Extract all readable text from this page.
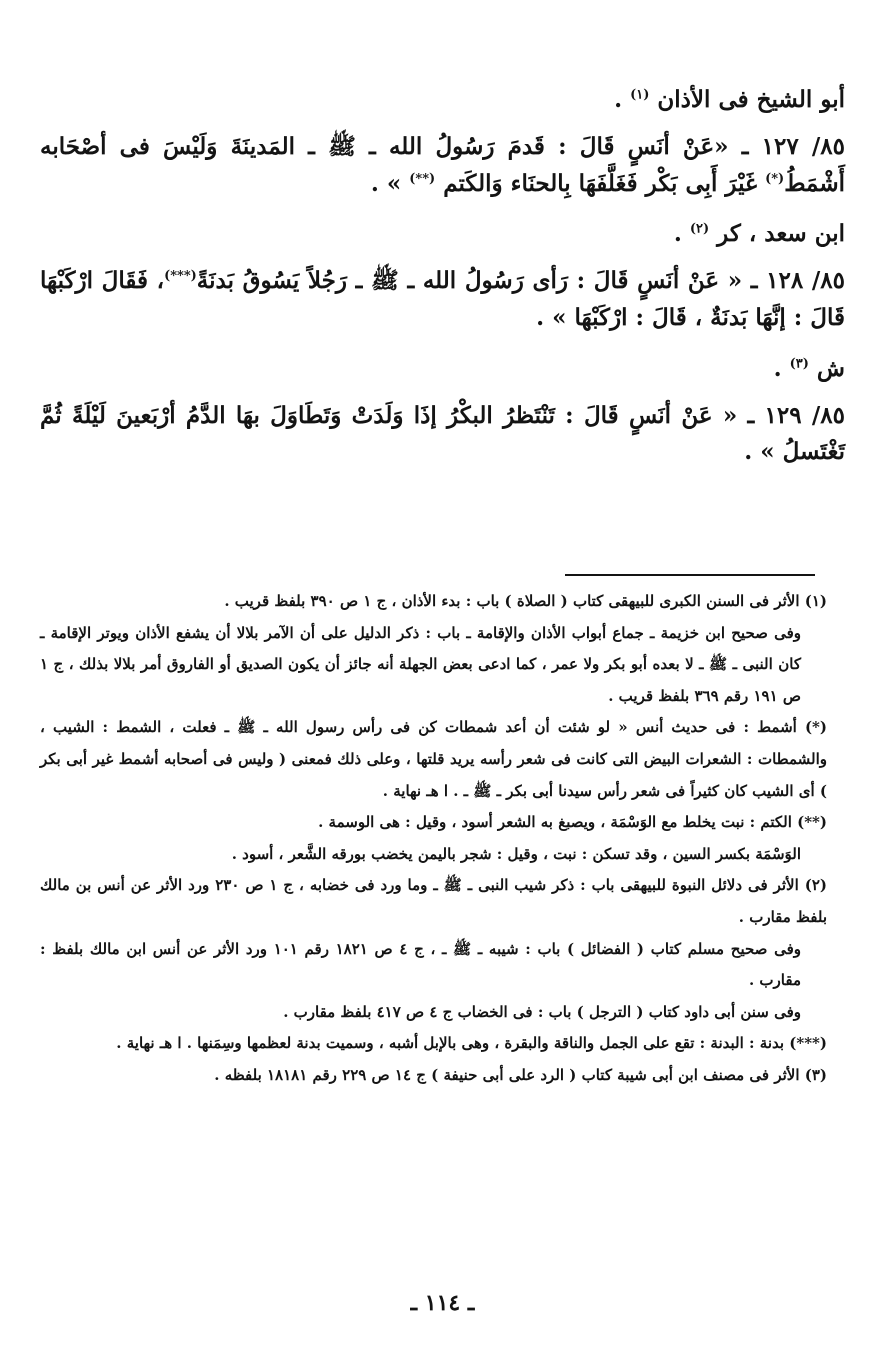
أبو الشيخ فى الأذان $^{(١)}$ .

٨٥/ ١٢٧ ـ «عَنْ أنَسٍ قَالَ : قَدمَ رَسُولُ الله ـ ﷺ ـ المَدينَةَ وَلَيْسَ فى أصْحَابه أَشْمَطُ(*) غَيْرَ أَبِى بَكْر فَغَلَّفَهَا بِالحنَاء وَالكَتم (**) » .

ابن سعد ، كر $^{(٢)}$ .

٨٥/ ١٢٨ ـ « عَنْ أنَسٍ قَالَ : رَأى رَسُولُ الله ـ ﷺ ـ رَجُلاً يَسُوقُ بَدنَةً(***)، فَقَالَ ارْكَبْهَا قَالَ : إنَّهَا بَدنَةٌ ، قَالَ : ارْكَبْهَا » .

ش $^{(٣)}$ .

٨٥/ ١٢٩ ـ « عَنْ أنَسٍ قَالَ : تَنْتَظرُ البكْرُ إذَا وَلَدَتْ وَتَطَاوَلَ بهَا الدَّمُ أرْبَعينَ لَيْلَةً ثُمَّ تَغْتَسلُ » .

(١) الأثر فى السنن الكبرى للبيهقى كتاب ( الصلاة ) باب : بدء الأذان ، ج ١ ص ٣٩٠ بلفظ قريب .

وفى صحيح ابن خزيمة ـ جماع أبواب الأذان والإقامة ـ باب : ذكر الدليل على أن الآمر بلالا أن يشفع الأذان ويوتر الإقامة ـ كان النبى ـ ﷺ ـ لا بعده أبو بكر ولا عمر ، كما ادعى بعض الجهلة أنه جائز أن يكون الصديق أو الفاروق أمر بلالا بذلك ، ج ١ ص ١٩١ رقم ٣٦٩ بلفظ قريب .

(*) أشمط : فى حديث أنس « لو شئت أن أعد شمطات كن فى رأس رسول الله ـ ﷺ ـ فعلت ، الشمط : الشيب ، والشمطات : الشعرات البيض التى كانت فى شعر رأسه يريد قلتها ، وعلى ذلك فمعنى ( وليس فى أصحابه أشمط غير أبى بكر ) أى الشيب كان كثيراً فى شعر رأس سيدنا أبى بكر ـ ﷺ ـ . ا هـ نهاية .

(**) الكتم : نبت يخلط مع الوَسْمَة ، ويصبغ به الشعر أسود ، وقيل : هى الوسمة .

الوَسْمَة بكسر السين ، وقد تسكن : نبت ، وقيل : شجر باليمن يخضب بورقه الشَّعر ، أسود .

(٢) الأثر فى دلائل النبوة للبيهقى باب : ذكر شيب النبى ـ ﷺ ـ وما ورد فى خضابه ، ج ١ ص ٢٣٠ ورد الأثر عن أنس بن مالك بلفظ مقارب .

وفى صحيح مسلم كتاب ( الفضائل ) باب : شيبه ـ ﷺ ـ ، ج ٤ ص ١٨٢١ رقم ١٠١ ورد الأثر عن أنس ابن مالك بلفظ : مقارب .

وفى سنن أبى داود كتاب ( الترجل ) باب : فى الخضاب ج ٤ ص ٤١٧ بلفظ مقارب .

(***) بدنة : البدنة : تقع على الجمل والناقة والبقرة ، وهى بالإبل أشبه ، وسميت بدنة لعظمها وسِمَنها . ا هـ نهاية .

(٣) الأثر فى مصنف ابن أبى شيبة كتاب ( الرد على أبى حنيفة ) ج ١٤ ص ٢٢٩ رقم ١٨١٨١ بلفظه .

ـ ١١٤ ـ
